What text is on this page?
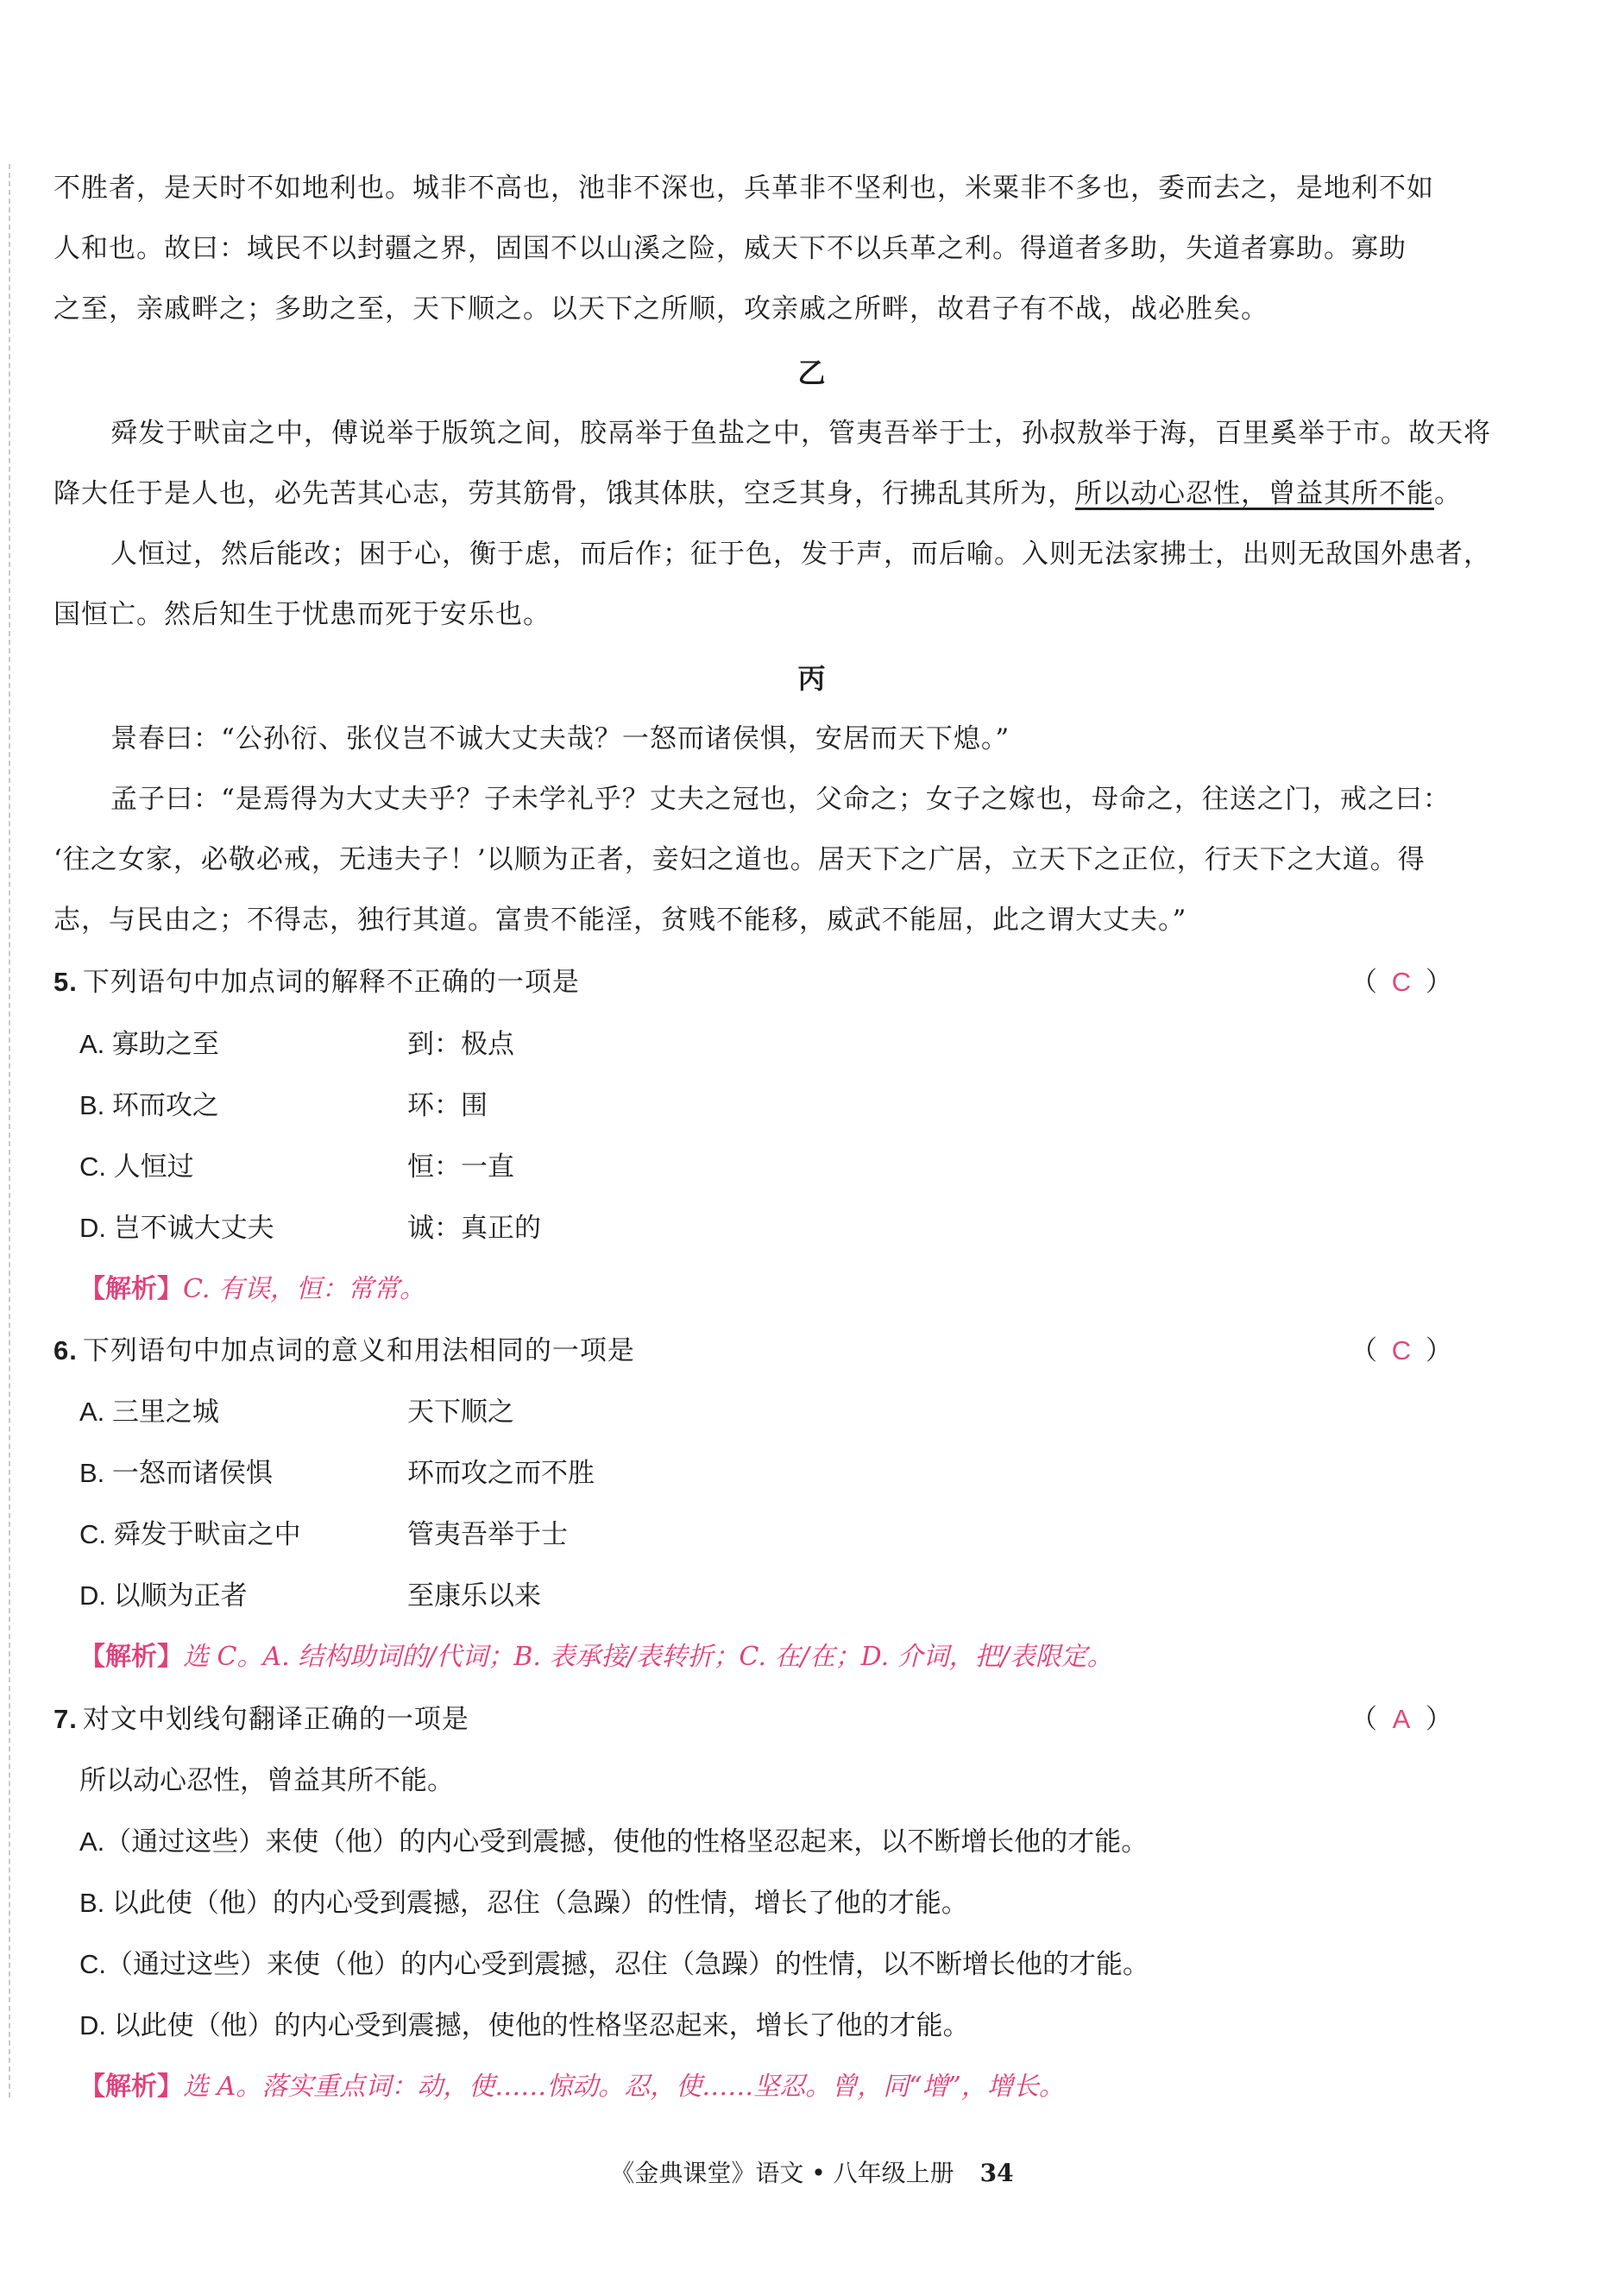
不胜者，是天时不如地利也。城非不高也，池非不深也，兵革非不坚利也，米粟非不多也，委而去之，是地利不如
人和也。故曰：域民不以封疆之界，固国不以山溪之险，威天下不以兵革之利。得道者多助，失道者寡助。寡助
之至，亲戚畔之；多助之至，天下顺之。以天下之所顺，攻亲戚之所畔，故君子有不战，战必胜矣。
乙
舜发于畎亩之中，傅说举于版筑之间，胶鬲举于鱼盐之中，管夷吾举于士，孙叔敖举于海，百里奚举于市。故天将
降大任于是人也，必先苦其心志，劳其筋骨，饿其体肤，空乏其身，行拂乱其所为，所以动心忍性，曾益其所不能。
人恒过，然后能改；困于心，衡于虑，而后作；征于色，发于声，而后喻。入则无法家拂士，出则无敌国外患者，
国恒亡。然后知生于忧患而死于安乐也。
丙
景春曰：“公孙衍、张仪岂不诚大丈夫哉？一怒而诸侯惧，安居而天下熄。”
孟子曰：“是焉得为大丈夫乎？子未学礼乎？丈夫之冠也，父命之；女子之嫁也，母命之，往送之门，戒之曰：
‘往之女家，必敬必戒，无违夫子！’以顺为正者，妾妇之道也。居天下之广居，立天下之正位，行天下之大道。得
志，与民由之；不得志，独行其道。富贵不能淫，贫贱不能移，威武不能屈，此之谓大丈夫。”
5. 下列语句中加点词的解释不正确的一项是	（ C ）
A. 寡助之至	到：极点
B. 环而攻之	环：围
C. 人恒过	恒：一直
D. 岂不诚大丈夫	诚：真正的
【解析】C. 有误，恒：常常。
6. 下列语句中加点词的意义和用法相同的一项是	（ C ）
A. 三里之城	天下顺之
B. 一怒而诸侯惧	环而攻之而不胜
C. 舜发于畎亩之中	管夷吾举于士
D. 以顺为正者	至康乐以来
【解析】选 C。A. 结构助词的/代词；B. 表承接/表转折；C. 在/在；D. 介词，把/表限定。
7. 对文中划线句翻译正确的一项是	（ A ）
所以动心忍性，曾益其所不能。
A.（通过这些）来使（他）的内心受到震撼，使他的性格坚忍起来，以不断增长他的才能。
B. 以此使（他）的内心受到震撼，忍住（急躁）的性情，增长了他的才能。
C.（通过这些）来使（他）的内心受到震撼，忍住（急躁）的性情，以不断增长他的才能。
D. 以此使（他）的内心受到震撼，使他的性格坚忍起来，增长了他的才能。
【解析】选 A。落实重点词：动，使……惊动。忍，使……坚忍。曾，同“增”，增长。
《金典课堂》语文 • 八年级上册 34
